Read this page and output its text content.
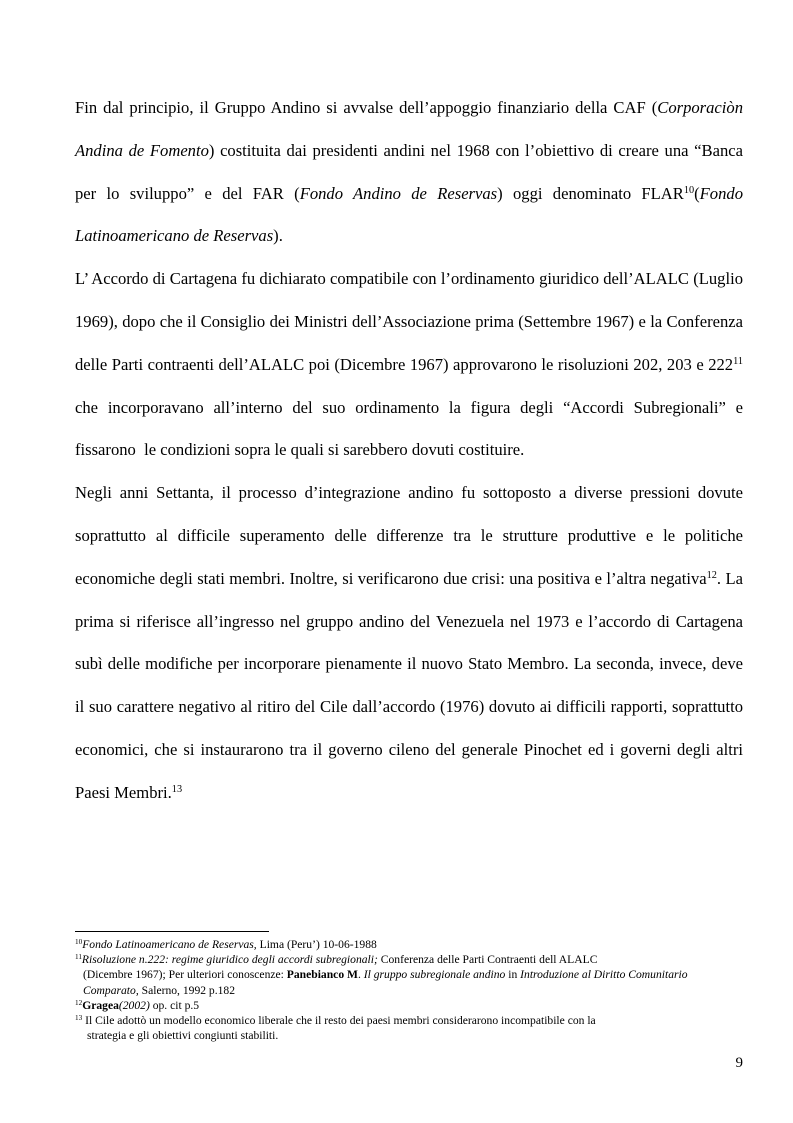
Fin dal principio, il Gruppo Andino si avvalse dell’appoggio finanziario della CAF (Corporaciòn Andina de Fomento) costituita dai presidenti andini nel 1968 con l’obiettivo di creare una “Banca per lo sviluppo” e del FAR (Fondo Andino de Reservas) oggi denominato FLAR$^{10}$(Fondo Latinoamericano de Reservas).

L’ Accordo di Cartagena fu dichiarato compatibile con l’ordinamento giuridico dell’ALALC (Luglio 1969), dopo che il Consiglio dei Ministri dell’Associazione prima (Settembre 1967) e la Conferenza delle Parti contraenti dell’ALALC poi (Dicembre 1967) approvarono le risoluzioni 202, 203 e $222^{11}$  che incorporavano all’interno del suo ordinamento la figura degli “Accordi Subregionali” e fissarono  le condizioni sopra le quali si sarebbero dovuti costituire.

Negli anni Settanta, il processo d’integrazione andino fu sottoposto a diverse pressioni dovute soprattutto al difficile superamento delle differenze tra le strutture produttive e le politiche economiche degli stati membri. Inoltre, si verificarono due crisi: una positiva e l’altra negativa$^{12}$. La prima si riferisce all’ingresso nel gruppo andino del Venezuela nel 1973 e l’accordo di Cartagena subì delle modifiche per incorporare pienamente il nuovo Stato Membro. La seconda, invece, deve il suo carattere negativo al ritiro del Cile dall’accordo (1976) dovuto ai difficili rapporti, soprattutto economici, che si instaurarono tra il governo cileno del generale Pinochet ed i governi degli altri Paesi Membri.$^{13}$

$^{10}$Fondo Latinoamericano de Reservas, Lima (Peru’) 10-06-1988
$^{11}$Risoluzione n.222: regime giuridico degli accordi subregionali; Conferenza delle Parti Contraenti dell ALALC
(Dicembre 1967); Per ulteriori conoscenze: Panebianco M. Il gruppo subregionale andino in Introduzione al Diritto Comunitario Comparato, Salerno, 1992 p.182
$^{12}$Gragea(2002) op. cit p.5
$^{13}$ Il Cile adottò un modello economico liberale che il resto dei paesi membri considerarono incompatibile con la
strategia e gli obiettivi congiunti stabiliti.
9
